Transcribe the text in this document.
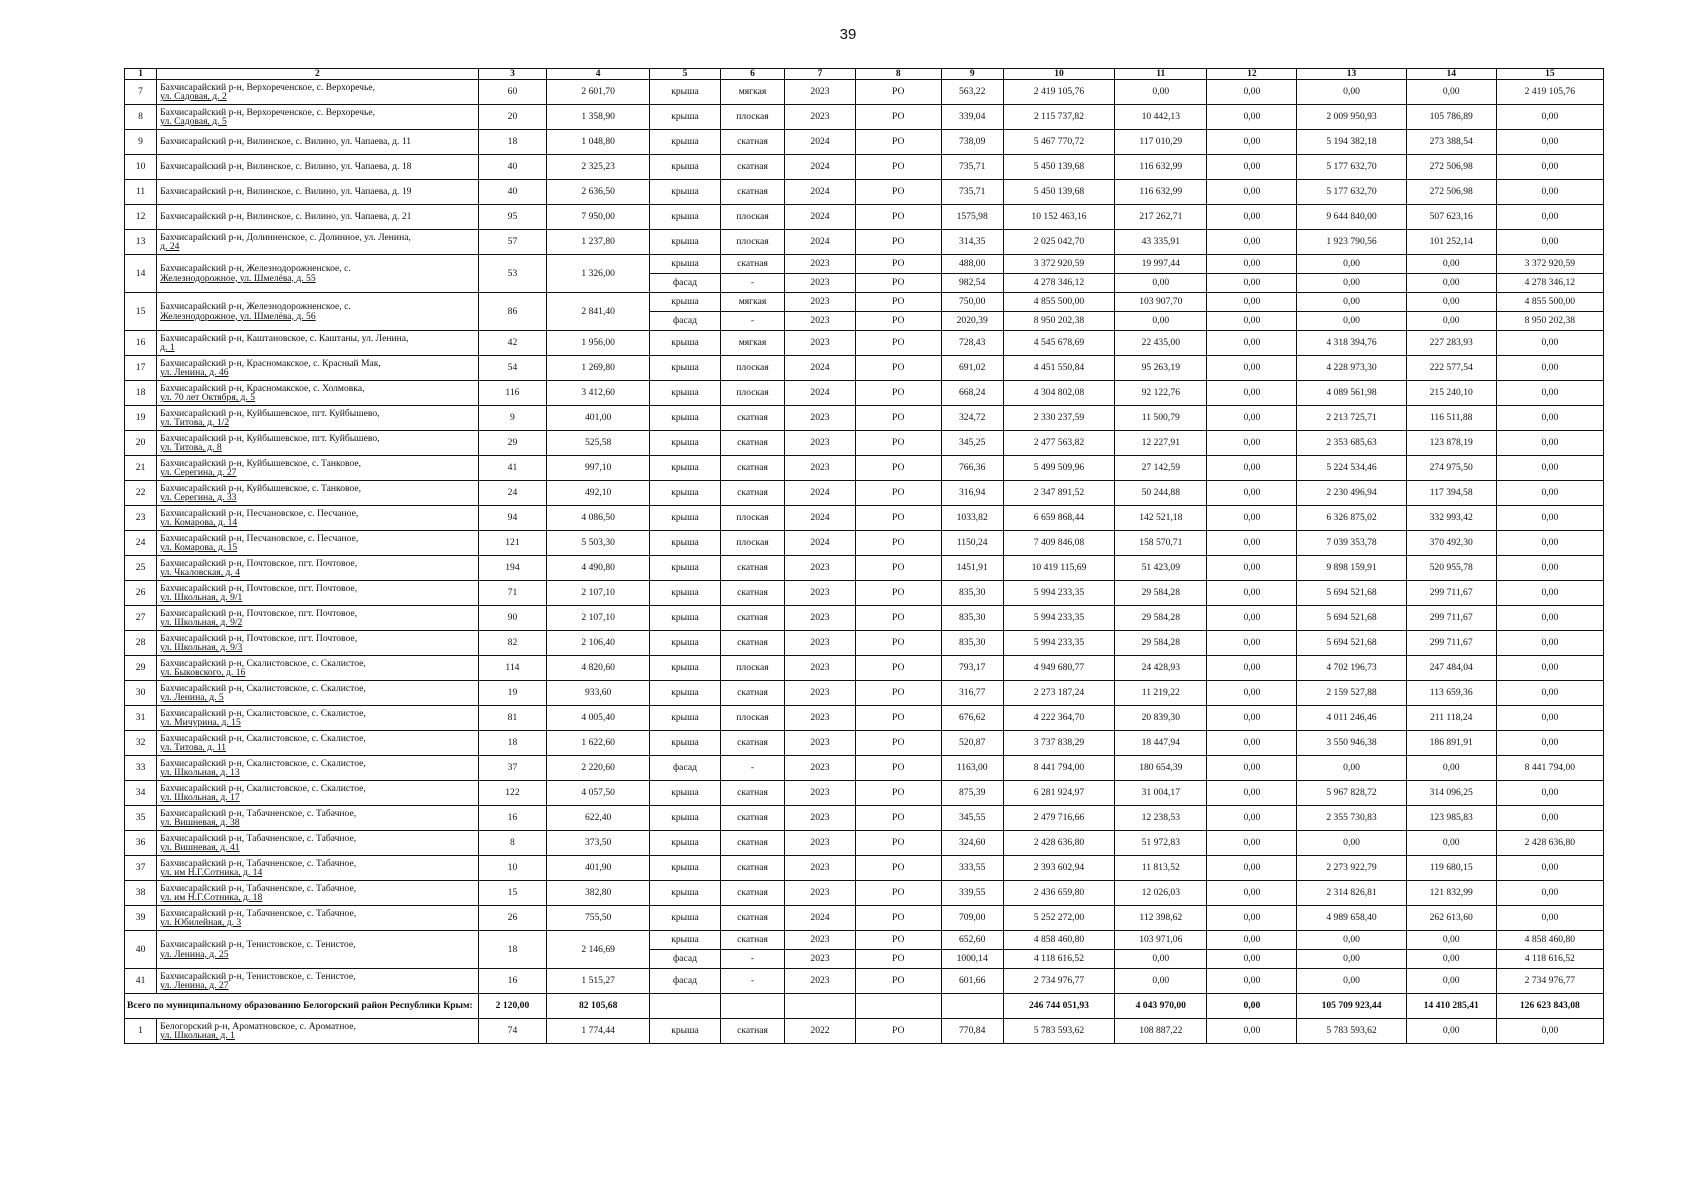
39
1	2	3	4	5	6	7	8	9	10	11	12	13	14	15
7	Бахчисарайский р-н, Верхореченское, с. Верхоречье,
ул. Садовая, д. 2	60	2 601,70	крыша	мягкая	2023	РО	563,22	2 419 105,76	0,00	0,00	0,00	0,00	2 419 105,76
8	Бахчисарайский р-н, Верхореченское, с. Верхоречье,
ул. Садовая, д. 5	20	1 358,90	крыша	плоская	2023	РО	339,04	2 115 737,82	10 442,13	0,00	2 009 950,93	105 786,89	0,00
9	Бахчисарайский р-н, Вилинское, с. Вилино, ул. Чапаева, д. 11	18	1 048,80	крыша	скатная	2024	РО	738,09	5 467 770,72	117 010,29	0,00	5 194 382,18	273 388,54	0,00
10	Бахчисарайский р-н, Вилинское, с. Вилино, ул. Чапаева, д. 18	40	2 325,23	крыша	скатная	2024	РО	735,71	5 450 139,68	116 632,99	0,00	5 177 632,70	272 506,98	0,00
11	Бахчисарайский р-н, Вилинское, с. Вилино, ул. Чапаева, д. 19	40	2 636,50	крыша	скатная	2024	РО	735,71	5 450 139,68	116 632,99	0,00	5 177 632,70	272 506,98	0,00
12	Бахчисарайский р-н, Вилинское, с. Вилино, ул. Чапаева, д. 21	95	7 950,00	крыша	плоская	2024	РО	1575,98	10 152 463,16	217 262,71	0,00	9 644 840,00	507 623,16	0,00
13	Бахчисарайский р-н, Долинненское, с. Долинное, ул. Ленина,
д. 24	57	1 237,80	крыша	плоская	2024	РО	314,35	2 025 042,70	43 335,91	0,00	1 923 790,56	101 252,14	0,00
14	Бахчисарайский р-н, Железнодорожненское, с.
Железнодорожное, ул. Шмелёва, д. 55	53	1 326,00	крыша	скатная	2023	РО	488,00	3 372 920,59	19 997,44	0,00	0,00	0,00	3 372 920,59
				фасад	-	2023	РО	982,54	4 278 346,12	0,00	0,00	0,00	0,00	4 278 346,12
15	Бахчисарайский р-н, Железнодорожненское, с.
Железнодорожное, ул. Шмелёва, д. 56	86	2 841,40	крыша	мягкая	2023	РО	750,00	4 855 500,00	103 907,70	0,00	0,00	0,00	4 855 500,00
				фасад	-	2023	РО	2020,39	8 950 202,38	0,00	0,00	0,00	0,00	8 950 202,38
16	Бахчисарайский р-н, Каштановское, с. Каштаны, ул. Ленина,
д. 1	42	1 956,00	крыша	мягкая	2023	РО	728,43	4 545 678,69	22 435,00	0,00	4 318 394,76	227 283,93	0,00
17	Бахчисарайский р-н, Красномакское, с. Красный Мак,
ул. Ленина, д. 46	54	1 269,80	крыша	плоская	2024	РО	691,02	4 451 550,84	95 263,19	0,00	4 228 973,30	222 577,54	0,00
18	Бахчисарайский р-н, Красномакское, с. Холмовка,
ул. 70 лет Октября, д. 5	116	3 412,60	крыша	плоская	2024	РО	668,24	4 304 802,08	92 122,76	0,00	4 089 561,98	215 240,10	0,00
19	Бахчисарайский р-н, Куйбышевское, пгт. Куйбышево,
ул. Титова, д. 1/2	9	401,00	крыша	скатная	2023	РО	324,72	2 330 237,59	11 500,79	0,00	2 213 725,71	116 511,88	0,00
20	Бахчисарайский р-н, Куйбышевское, пгт. Куйбышево,
ул. Титова, д. 8	29	525,58	крыша	скатная	2023	РО	345,25	2 477 563,82	12 227,91	0,00	2 353 685,63	123 878,19	0,00
21	Бахчисарайский р-н, Куйбышевское, с. Танковое,
ул. Серегина, д. 27	41	997,10	крыша	скатная	2023	РО	766,36	5 499 509,96	27 142,59	0,00	5 224 534,46	274 975,50	0,00
22	Бахчисарайский р-н, Куйбышевское, с. Танковое,
ул. Серегина, д. 33	24	492,10	крыша	скатная	2024	РО	316,94	2 347 891,52	50 244,88	0,00	2 230 496,94	117 394,58	0,00
23	Бахчисарайский р-н, Песчановское, с. Песчаное,
ул. Комарова, д. 14	94	4 086,50	крыша	плоская	2024	РО	1033,82	6 659 868,44	142 521,18	0,00	6 326 875,02	332 993,42	0,00
24	Бахчисарайский р-н, Песчановское, с. Песчаное,
ул. Комарова, д. 15	121	5 503,30	крыша	плоская	2024	РО	1150,24	7 409 846,08	158 570,71	0,00	7 039 353,78	370 492,30	0,00
25	Бахчисарайский р-н, Почтовское, пгт. Почтовое,
ул. Чкаловская, д. 4	194	4 490,80	крыша	скатная	2023	РО	1451,91	10 419 115,69	51 423,09	0,00	9 898 159,91	520 955,78	0,00
26	Бахчисарайский р-н, Почтовское, пгт. Почтовое,
ул. Школьная, д. 9/1	71	2 107,10	крыша	скатная	2023	РО	835,30	5 994 233,35	29 584,28	0,00	5 694 521,68	299 711,67	0,00
27	Бахчисарайский р-н, Почтовское, пгт. Почтовое,
ул. Школьная, д. 9/2	90	2 107,10	крыша	скатная	2023	РО	835,30	5 994 233,35	29 584,28	0,00	5 694 521,68	299 711,67	0,00
28	Бахчисарайский р-н, Почтовское, пгт. Почтовое,
ул. Школьная, д. 9/3	82	2 106,40	крыша	скатная	2023	РО	835,30	5 994 233,35	29 584,28	0,00	5 694 521,68	299 711,67	0,00
29	Бахчисарайский р-н, Скалистовское, с. Скалистое,
ул. Быковского, д. 16	114	4 820,60	крыша	плоская	2023	РО	793,17	4 949 680,77	24 428,93	0,00	4 702 196,73	247 484,04	0,00
30	Бахчисарайский р-н, Скалистовское, с. Скалистое,
ул. Ленина, д. 5	19	933,60	крыша	скатная	2023	РО	316,77	2 273 187,24	11 219,22	0,00	2 159 527,88	113 659,36	0,00
31	Бахчисарайский р-н, Скалистовское, с. Скалистое,
ул. Мичурина, д. 15	81	4 005,40	крыша	плоская	2023	РО	676,62	4 222 364,70	20 839,30	0,00	4 011 246,46	211 118,24	0,00
32	Бахчисарайский р-н, Скалистовское, с. Скалистое,
ул. Титова, д. 11	18	1 622,60	крыша	скатная	2023	РО	520,87	3 737 838,29	18 447,94	0,00	3 550 946,38	186 891,91	0,00
33	Бахчисарайский р-н, Скалистовское, с. Скалистое,
ул. Школьная, д. 13	37	2 220,60	фасад	-	2023	РО	1163,00	8 441 794,00	180 654,39	0,00	0,00	0,00	8 441 794,00
34	Бахчисарайский р-н, Скалистовское, с. Скалистое,
ул. Школьная, д. 17	122	4 057,50	крыша	скатная	2023	РО	875,39	6 281 924,97	31 004,17	0,00	5 967 828,72	314 096,25	0,00
35	Бахчисарайский р-н, Табачненское, с. Табачное,
ул. Вишневая, д. 38	16	622,40	крыша	скатная	2023	РО	345,55	2 479 716,66	12 238,53	0,00	2 355 730,83	123 985,83	0,00
36	Бахчисарайский р-н, Табачненское, с. Табачное,
ул. Вишневая, д. 41	8	373,50	крыша	скатная	2023	РО	324,60	2 428 636,80	51 972,83	0,00	0,00	0,00	2 428 636,80
37	Бахчисарайский р-н, Табачненское, с. Табачное,
ул. им Н.Г.Сотника, д. 14	10	401,90	крыша	скатная	2023	РО	333,55	2 393 602,94	11 813,52	0,00	2 273 922,79	119 680,15	0,00
38	Бахчисарайский р-н, Табачненское, с. Табачное,
ул. им Н.Г.Сотника, д. 18	15	382,80	крыша	скатная	2023	РО	339,55	2 436 659,80	12 026,03	0,00	2 314 826,81	121 832,99	0,00
39	Бахчисарайский р-н, Табачненское, с. Табачное,
ул. Юбилейная, д. 3	26	755,50	крыша	скатная	2024	РО	709,00	5 252 272,00	112 398,62	0,00	4 989 658,40	262 613,60	0,00
40	Бахчисарайский р-н, Тенистовское, с. Тенистое,
ул. Ленина, д. 25	18	2 146,69	крыша	скатная	2023	РО	652,60	4 858 460,80	103 971,06	0,00	0,00	0,00	4 858 460,80
				фасад	-	2023	РО	1000,14	4 118 616,52	0,00	0,00	0,00	0,00	4 118 616,52
41	Бахчисарайский р-н, Тенистовское, с. Тенистое,
ул. Ленина, д. 27	16	1 515,27	фасад	-	2023	РО	601,66	2 734 976,77	0,00	0,00	0,00	0,00	2 734 976,77
Всего по муниципальному образованию Белогорский район Республики Крым:		2 120,00	82 105,68						246 744 051,93	4 043 970,00	0,00	105 709 923,44	14 410 285,41	126 623 843,08
1	Белогорский р-н, Ароматновское, с. Ароматное,
ул. Школьная, д. 1	74	1 774,44	крыша	скатная	2022	РО	770,84	5 783 593,62	108 887,22	0,00	5 783 593,62	0,00	0,00
